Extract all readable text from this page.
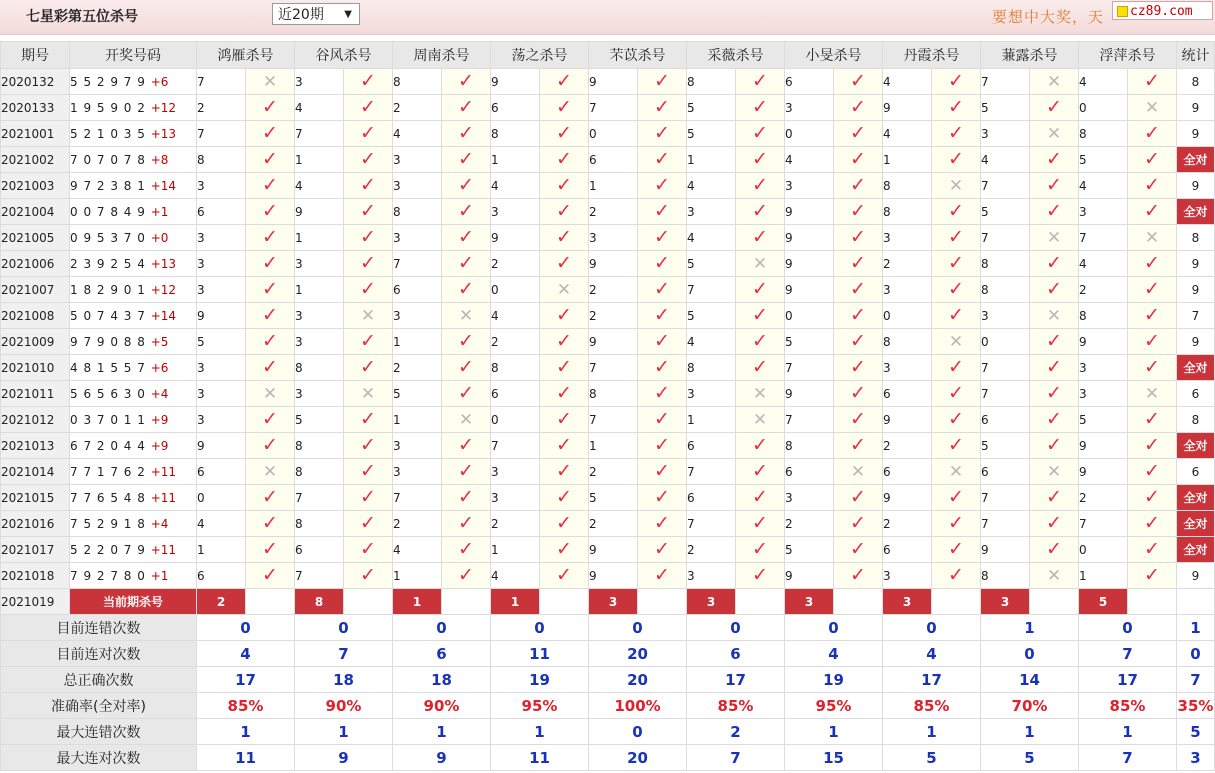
七星彩第五位杀号	近20期 ▼	要想中大奖，天	cz89.com
期号	开奖号码	鸿雁杀号		谷风杀号		周南杀号		荡之杀号		芣苡杀号		采薇杀号		小旻杀号		丹霞杀号		蒹露杀号		浮萍杀号		统计
2020132	5 5 2 9 7 9 +6	7	✕	3	✓	8	✓	9	✓	9	✓	8	✓	6	✓	4	✓	7	✕	4	✓	8
2020133	1 9 5 9 0 2 +12	2	✓	4	✓	2	✓	6	✓	7	✓	5	✓	3	✓	9	✓	5	✓	0	✕	9
2021001	5 2 1 0 3 5 +13	7	✓	7	✓	4	✓	8	✓	0	✓	5	✓	0	✓	4	✓	3	✕	8	✓	9
2021002	7 0 7 0 7 8 +8	8	✓	1	✓	3	✓	1	✓	6	✓	1	✓	4	✓	1	✓	4	✓	5	✓	全对
2021003	9 7 2 3 8 1 +14	3	✓	4	✓	3	✓	4	✓	1	✓	4	✓	3	✓	8	✕	7	✓	4	✓	9
2021004	0 0 7 8 4 9 +1	6	✓	9	✓	8	✓	3	✓	2	✓	3	✓	9	✓	8	✓	5	✓	3	✓	全对
2021005	0 9 5 3 7 0 +0	3	✓	1	✓	3	✓	9	✓	3	✓	4	✓	9	✓	3	✓	7	✕	7	✕	8
2021006	2 3 9 2 5 4 +13	3	✓	3	✓	7	✓	2	✓	9	✓	5	✕	9	✓	2	✓	8	✓	4	✓	9
2021007	1 8 2 9 0 1 +12	3	✓	1	✓	6	✓	0	✕	2	✓	7	✓	9	✓	3	✓	8	✓	2	✓	9
2021008	5 0 7 4 3 7 +14	9	✓	3	✕	3	✕	4	✓	2	✓	5	✓	0	✓	0	✓	3	✕	8	✓	7
2021009	9 7 9 0 8 8 +5	5	✓	3	✓	1	✓	2	✓	9	✓	4	✓	5	✓	8	✕	0	✓	9	✓	9
2021010	4 8 1 5 5 7 +6	3	✓	8	✓	2	✓	8	✓	7	✓	8	✓	7	✓	3	✓	7	✓	3	✓	全对
2021011	5 6 5 6 3 0 +4	3	✕	3	✕	5	✓	6	✓	8	✓	3	✕	9	✓	6	✓	7	✓	3	✕	6
2021012	0 3 7 0 1 1 +9	3	✓	5	✓	1	✕	0	✓	7	✓	1	✕	7	✓	9	✓	6	✓	5	✓	8
2021013	6 7 2 0 4 4 +9	9	✓	8	✓	3	✓	7	✓	1	✓	6	✓	8	✓	2	✓	5	✓	9	✓	全对
2021014	7 7 1 7 6 2 +11	6	✕	8	✓	3	✓	3	✓	2	✓	7	✓	6	✕	6	✕	6	✕	9	✓	6
2021015	7 7 6 5 4 8 +11	0	✓	7	✓	7	✓	3	✓	5	✓	6	✓	3	✓	9	✓	7	✓	2	✓	全对
2021016	7 5 2 9 1 8 +4	4	✓	8	✓	2	✓	2	✓	2	✓	7	✓	2	✓	2	✓	7	✓	7	✓	全对
2021017	5 2 2 0 7 9 +11	1	✓	6	✓	4	✓	1	✓	9	✓	2	✓	5	✓	6	✓	9	✓	0	✓	全对
2021018	7 9 2 7 8 0 +1	6	✓	7	✓	1	✓	4	✓	9	✓	3	✓	9	✓	3	✓	8	✕	1	✓	9
2021019	当前期杀号	2		8		1		1		3		3		3		3		3		5		
目前连错次数		0		0		0		0		0		0		0		0		1		0		1
目前连对次数		4		7		6		11		20		6		4		4		0		7		0
总正确次数		17		18		18		19		20		17		19		17		14		17		7
准确率(全对率)		85%		90%		90%		95%		100%		85%		95%		85%		70%		85%		35%
最大连错次数		1		1		1		1		0		2		1		1		1		1		5
最大连对次数		11		9		9		11		20		7		15		5		5		7		3
